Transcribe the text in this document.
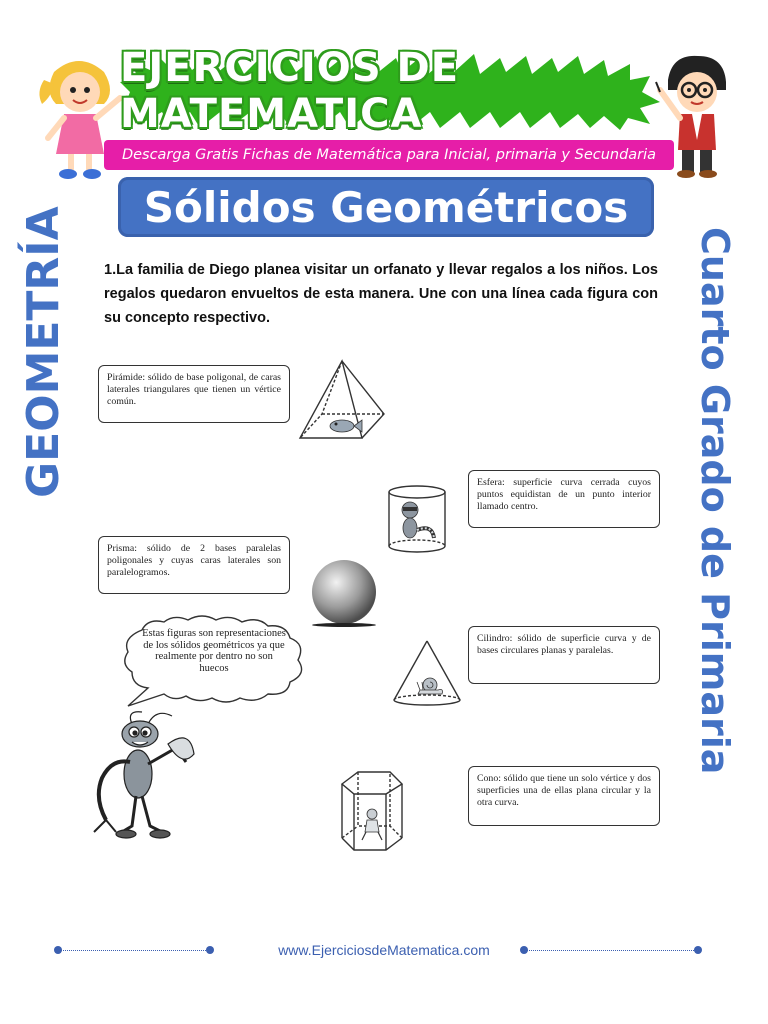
EJERCICIOS DE MATEMATICA
Descarga Gratis Fichas de Matemática para Inicial, primaria y Secundaria
Sólidos Geométricos
GEOMETRÍA	Cuarto Grado de Primaria
1.La familia de Diego planea visitar un orfanato y llevar regalos a los niños. Los regalos quedaron envueltos de esta manera. Une con una línea cada figura con su concepto respectivo.
Pirámide: sólido de base poligonal, de caras laterales triangulares que tienen un vértice común.
Prisma: sólido de 2 bases paralelas poligonales y cuyas caras laterales son paralelogramos.
Esfera: superficie curva cerrada cuyos puntos equidistan de un punto interior llamado centro.
Cilindro: sólido de superficie curva y de bases circulares planas y paralelas.
Cono: sólido que tiene un solo vértice y dos superficies una de ellas plana circular y la otra curva.
Estas figuras son representaciones de los sólidos geométricos ya que realmente por dentro no son huecos
www.EjerciciosdeMatematica.com
